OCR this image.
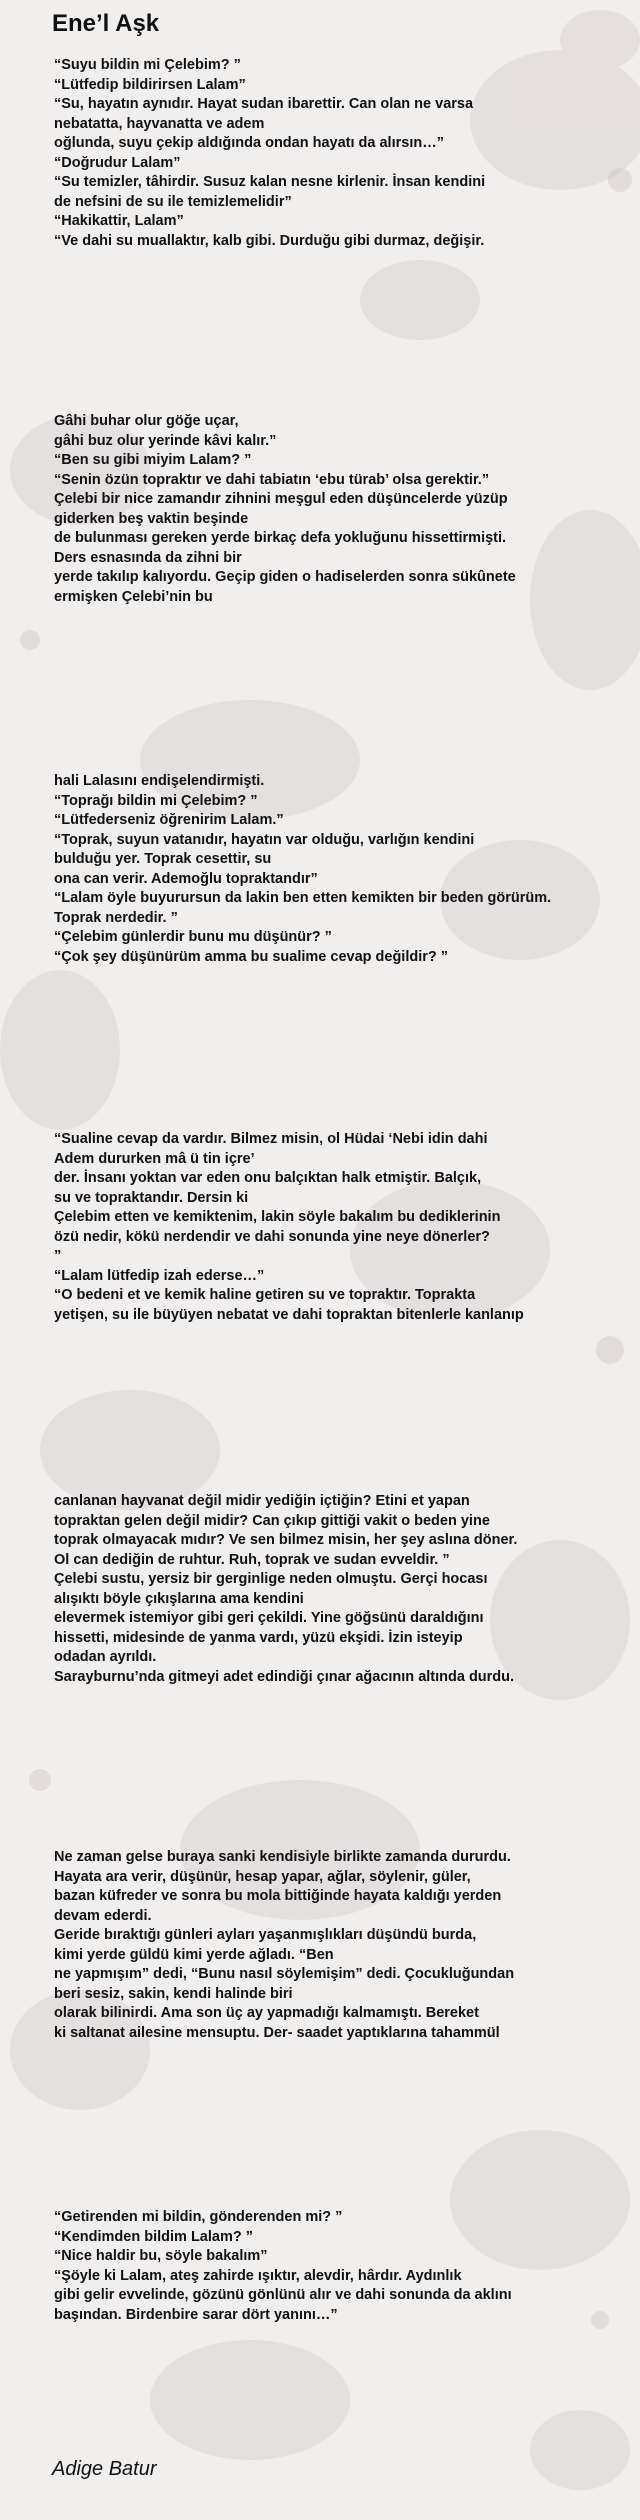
Ene’l Aşk
“Suyu bildin mi Çelebim? ”
“Lütfedip bildirirsen Lalam”
“Su, hayatın aynıdır. Hayat sudan ibarettir. Can olan ne varsa
nebatatta, hayvanatta ve adem
oğlunda, suyu çekip aldığında ondan hayatı da alırsın…”
“Doğrudur Lalam”
“Su temizler, tâhirdir. Susuz kalan nesne kirlenir. İnsan kendini
de nefsini de su ile temizlemelidir”
“Hakikattir, Lalam”
“Ve dahi su muallaktır, kalb gibi. Durduğu gibi durmaz, değişir.
Gâhi buhar olur göğe uçar,
gâhi buz olur yerinde kâvi kalır.”
“Ben su gibi miyim Lalam? ”
“Senin özün topraktır ve dahi tabiatın ‘ebu türab’ olsa gerektir.”
Çelebi bir nice zamandır zihnini meşgul eden düşüncelerde yüzüp
giderken beş vaktin beşinde
de bulunması gereken yerde birkaç defa yokluğunu hissettirmişti.
Ders esnasında da zihni bir
yerde takılıp kalıyordu. Geçip giden o hadiselerden sonra sükûnete
ermişken Çelebi’nin bu
hali Lalasını endişelendirmişti.
“Toprağı bildin mi Çelebim? ”
“Lütfederseniz öğrenirim Lalam.”
“Toprak, suyun vatanıdır, hayatın var olduğu, varlığın kendini
bulduğu yer. Toprak cesettir, su
ona can verir. Ademoğlu topraktandır”
“Lalam öyle buyurursun da lakin ben etten kemikten bir beden görürüm.
Toprak nerdedir. ”
“Çelebim günlerdir bunu mu düşünür? ”
“Çok şey düşünürüm amma bu sualime cevap değildir? ”
“Sualine cevap da vardır. Bilmez misin, ol Hüdai ‘Nebi idin dahi
Adem dururken mâ ü tin içre’
der. İnsanı yoktan var eden onu balçıktan halk etmiştir. Balçık,
su ve topraktandır. Dersin ki
Çelebim etten ve kemiktenim, lakin söyle bakalım bu dediklerinin
özü nedir, kökü nerdendir ve dahi sonunda yine neye dönerler?
”
“Lalam lütfedip izah ederse…”
“O bedeni et ve kemik haline getiren su ve topraktır. Toprakta
yetişen, su ile büyüyen nebatat ve dahi topraktan bitenlerle kanlanıp
canlanan hayvanat değil midir yediğin içtiğin? Etini et yapan
topraktan gelen değil midir? Can çıkıp gittiği vakit o beden yine
toprak olmayacak mıdır? Ve sen bilmez misin, her şey aslına döner.
Ol can dediğin de ruhtur. Ruh, toprak ve sudan evveldir. ”
Çelebi sustu, yersiz bir gerginlige neden olmuştu. Gerçi hocası
alışıktı böyle çıkışlarına ama kendini
elevermek istemiyor gibi geri çekildi. Yine göğsünü daraldığını
hissetti, midesinde de yanma vardı, yüzü ekşidi. İzin isteyip
odadan ayrıldı.
Sarayburnu’nda gitmeyi adet edindiği çınar ağacının altında durdu.
Ne zaman gelse buraya sanki kendisiyle birlikte zamanda dururdu.
Hayata ara verir, düşünür, hesap yapar, ağlar, söylenir, güler,
bazan küfreder ve sonra bu mola bittiğinde hayata kaldığı yerden
devam ederdi.
Geride bıraktığı günleri ayları yaşanmışlıkları düşündü burda,
kimi yerde güldü kimi yerde ağladı. “Ben
ne yapmışım” dedi, “Bunu nasıl söylemişim” dedi. Çocukluğundan
beri sesiz, sakin, kendi halinde biri
olarak bilinirdi. Ama son üç ay yapmadığı kalmamıştı. Bereket
ki saltanat ailesine mensuptu. Der- saadet yaptıklarına tahammül
“Getirenden mi bildin, gönderenden mi? ”
“Kendimden bildim Lalam? ”
“Nice haldir bu, söyle bakalım”
“Şöyle ki Lalam, ateş zahirde ışıktır, alevdir, hârdır. Aydınlık
gibi gelir evvelinde, gözünü gönlünü alır ve dahi sonunda da aklını
başından. Birdenbire sarar dört yanını…”

Adige Batur
